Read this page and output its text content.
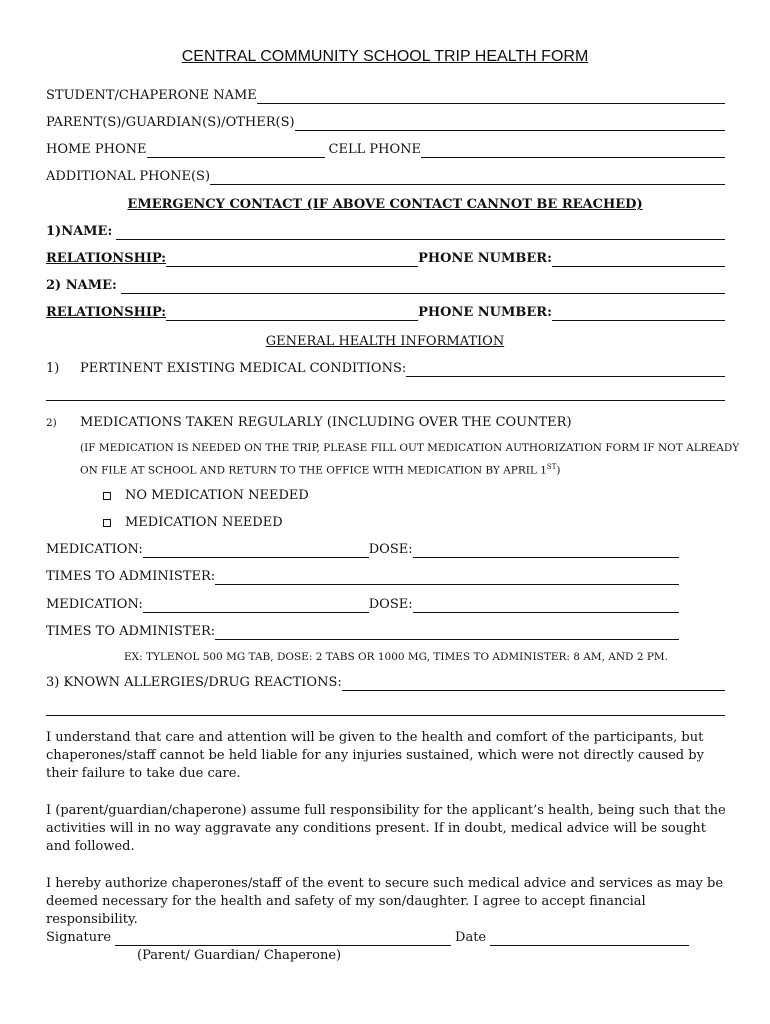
CENTRAL COMMUNITY SCHOOL TRIP HEALTH FORM
STUDENT/CHAPERONE NAME
PARENT(S)/GUARDIAN(S)/OTHER(S)
HOME PHONE	CELL PHONE
ADDITIONAL PHONE(S)
EMERGENCY CONTACT (IF ABOVE CONTACT CANNOT BE REACHED)
1)NAME:
RELATIONSHIP:	PHONE NUMBER:
2) NAME:
RELATIONSHIP:	PHONE NUMBER:
GENERAL HEALTH INFORMATION
1)	PERTINENT EXISTING MEDICAL CONDITIONS:
2)	MEDICATIONS TAKEN REGULARLY (INCLUDING OVER THE COUNTER)
(IF MEDICATION IS NEEDED ON THE TRIP, PLEASE FILL OUT MEDICATION AUTHORIZATION FORM IF NOT ALREADY
ON FILE AT SCHOOL AND RETURN TO THE OFFICE WITH MEDICATION BY APRIL 1ST)
NO MEDICATION NEEDED
MEDICATION NEEDED
MEDICATION:	DOSE:
TIMES TO ADMINISTER:
MEDICATION:	DOSE:
TIMES TO ADMINISTER:
EX: TYLENOL 500 MG TAB, DOSE: 2 TABS OR 1000 MG, TIMES TO ADMINISTER: 8 AM, AND 2 PM.
3) KNOWN ALLERGIES/DRUG REACTIONS:
I understand that care and attention will be given to the health and comfort of the participants, but chaperones/staff cannot be held liable for any injuries sustained, which were not directly caused by their failure to take due care.
I (parent/guardian/chaperone) assume full responsibility for the applicant’s health, being such that the activities will in no way aggravate any conditions present. If in doubt, medical advice will be sought and followed.
I hereby authorize chaperones/staff of the event to secure such medical advice and services as may be deemed necessary for the health and safety of my son/daughter. I agree to accept financial responsibility.
Signature	Date
(Parent/ Guardian/ Chaperone)
